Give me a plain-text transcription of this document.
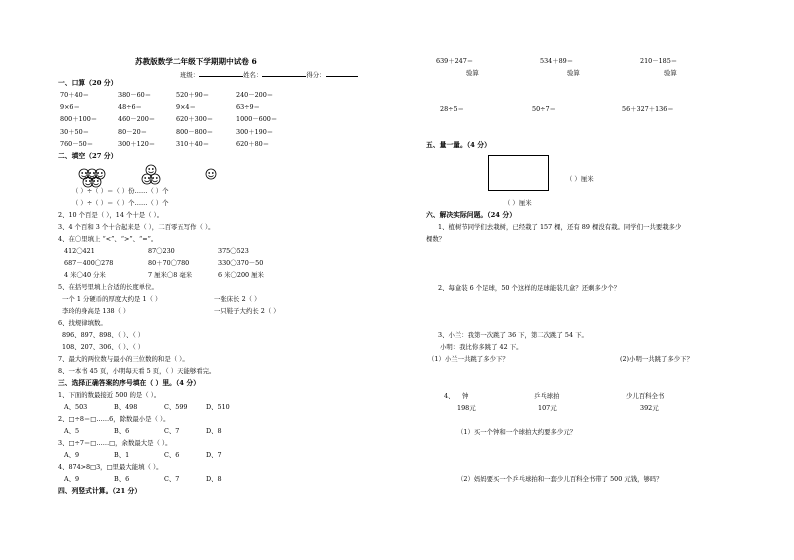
苏教版数学二年级下学期期中试卷 6
班级：	姓名：	得分：
一、口算（20 分）
70＋40＝	380－60＝	520＋90＝	240－200＝
9×6＝	48÷6＝	9×4＝	63÷9＝
800＋100＝	460－200＝	620＋300＝	1000－600＝
30＋50＝	80－20＝	800－800＝	300＋190＝
760－50＝	300＋120＝	310＋40＝	620＋80＝
二、填空（27 分）
（ ）÷（ ）＝（ ）份……（ ）个
（ ）÷（ ）＝（ ）个……（ ）个
2、10 个百是（ ），14 个十是（ ）。
3、4 个百和 3 个十合起来是（ ），二百零五写作（ ）。
4、在〇里填上 “<”、“>”、“=”。
412〇421	87〇230	375〇523
687－400〇278	80＋70〇780	330〇370－50
4 米〇40 分米	7 厘米〇8 毫米	6 米〇200 厘米
5、在括号里填上合适的长度单位。
一个 1 分硬币的厚度大约是 1（ ）	一张床长 2（ ）
李玲的身高是 138（ ）	一只鞋子大约长 2（ ）
6、找规律填数。
896、897、898、（ ）、（ ）
108、207、306、（ ）、（ ）
7、最大的两位数与最小的三位数的和是（ ）。
8、一本书 45 页，小明每天看 5 页，（ ）天能够看完。
三、选择正确答案的序号填在（ ）里。（4 分）
1、下面的数最接近 500 的是（ ）。
A、503	B、498	C、599	D、510
2、□÷8＝□……6，除数最小是（ ）。
A、5	B、6	C、7	D、8
3、□÷7＝□……□，余数最大是（ ）。
A、9	B、1	C、6	D、7
4、874>8□3，□里最大能填（ ）。
A、9	B、6	C、7	D、8
四、列竖式计算。（21 分）
639＋247＝	534＋89＝	210－185＝
验算	验算	验算
28÷5＝	50÷7＝	56＋327＋136＝
五、量一量。（4 分）
（ ）厘米
（ ）厘米
六、解决实际问题。（24 分）
1、植树节同学们去栽树，已经栽了 157 棵，还有 89 棵没有栽。同学们一共要栽多少
棵数？
2、每盒装 6 个足球，50 个这样的足球能装几盒？还剩多少个？
3、小兰：我第一次跳了 36 下，第二次跳了 54 下。
小明：我比你多跳了 42 下。
（1）小兰一共跳了多少下？	(2)小明一共跳了多少下？
4、 钟	乒乓球拍	少儿百科全书
198元	107元	392元
（1）买一个钟和一个球拍大约要多少元？
（2）妈妈要买一个乒乓球拍和一套少儿百科全书带了 500 元钱，够吗？
